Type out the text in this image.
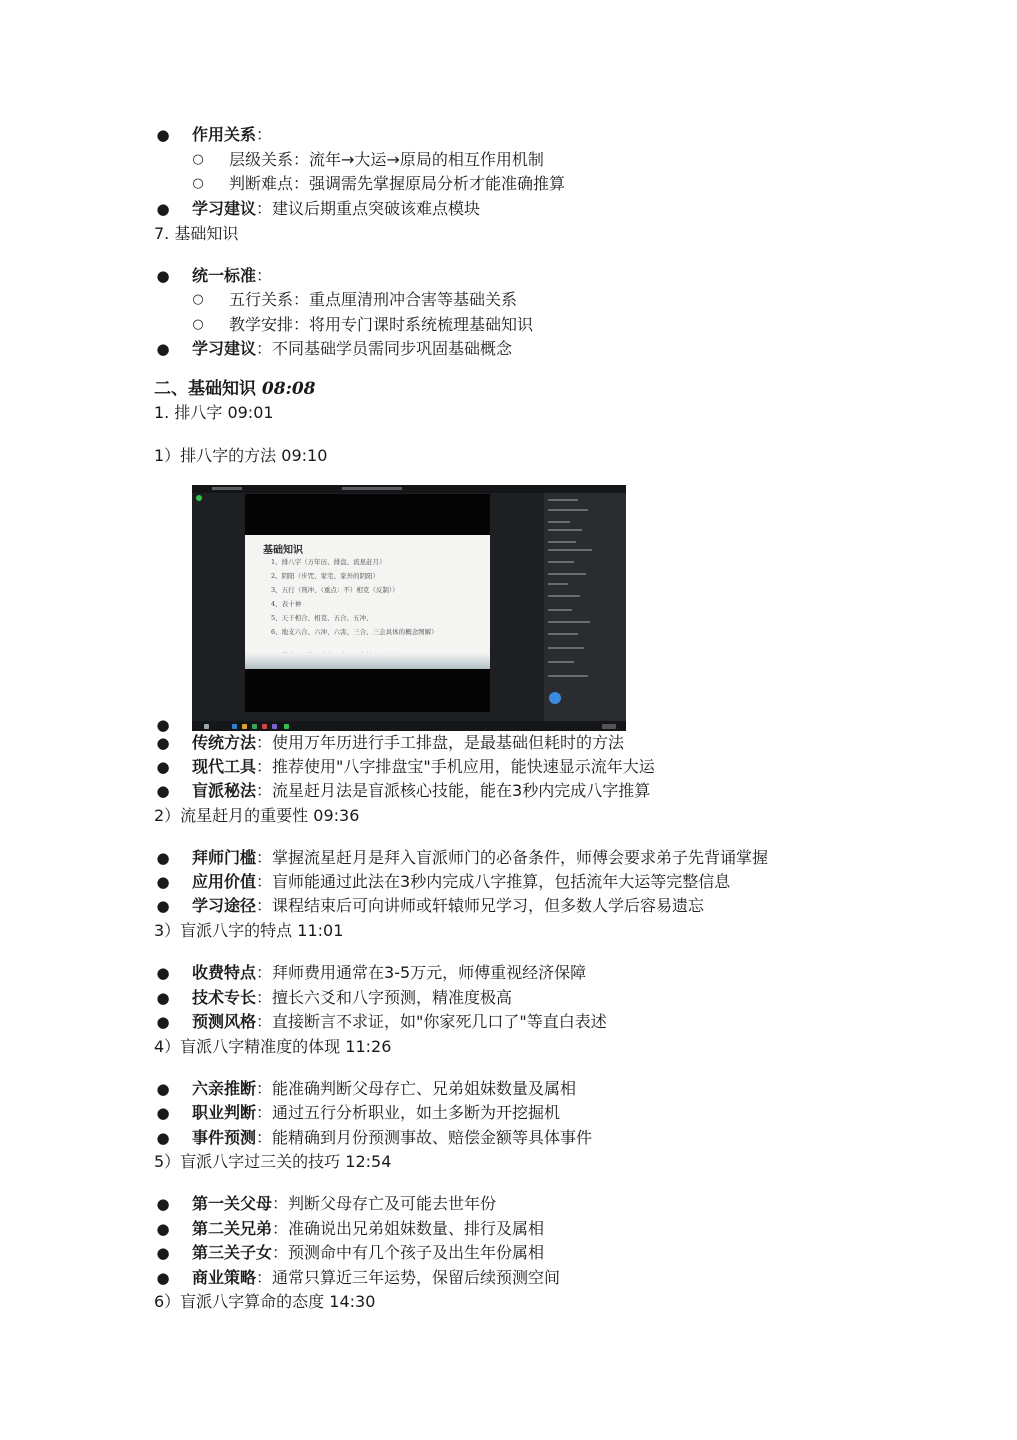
● 作用关系：
○ 层级关系：流年→大运→原局的相互作用机制
○ 判断难点：强调需先掌握原局分析才能准确推算
● 学习建议：建议后期重点突破该难点模块
7. 基础知识
● 统一标准：
○ 五行关系：重点厘清刑冲合害等基础关系
○ 教学安排：将用专门课时系统梳理基础知识
● 学习建议：不同基础学员需同步巩固基础概念
二、基础知识 08:08
1. 排八字 09:01
1）排八字的方法 09:10
基础知识
1、排八字（万年历、排盘、流星赶月）
2、阴阳（步咒、家宅、家外的阴阳）
3、五行（刑冲、（重点：不）相克（反制））
4、表十神
5、天干相合、相克、五合、五冲、
6、地支六合、六冲、六害、三合、三会具体的概念图解）
●
● 传统方法：使用万年历进行手工排盘，是最基础但耗时的方法
● 现代工具：推荐使用"八字排盘宝"手机应用，能快速显示流年大运
● 盲派秘法：流星赶月法是盲派核心技能，能在3秒内完成八字推算
2）流星赶月的重要性 09:36
● 拜师门槛：掌握流星赶月是拜入盲派师门的必备条件，师傅会要求弟子先背诵掌握
● 应用价值：盲师能通过此法在3秒内完成八字推算，包括流年大运等完整信息
● 学习途径：课程结束后可向讲师或轩辕师兄学习，但多数人学后容易遗忘
3）盲派八字的特点 11:01
● 收费特点：拜师费用通常在3-5万元，师傅重视经济保障
● 技术专长：擅长六爻和八字预测，精准度极高
● 预测风格：直接断言不求证，如"你家死几口了"等直白表述
4）盲派八字精准度的体现 11:26
● 六亲推断：能准确判断父母存亡、兄弟姐妹数量及属相
● 职业判断：通过五行分析职业，如土多断为开挖掘机
● 事件预测：能精确到月份预测事故、赔偿金额等具体事件
5）盲派八字过三关的技巧 12:54
● 第一关父母：判断父母存亡及可能去世年份
● 第二关兄弟：准确说出兄弟姐妹数量、排行及属相
● 第三关子女：预测命中有几个孩子及出生年份属相
● 商业策略：通常只算近三年运势，保留后续预测空间
6）盲派八字算命的态度 14:30
